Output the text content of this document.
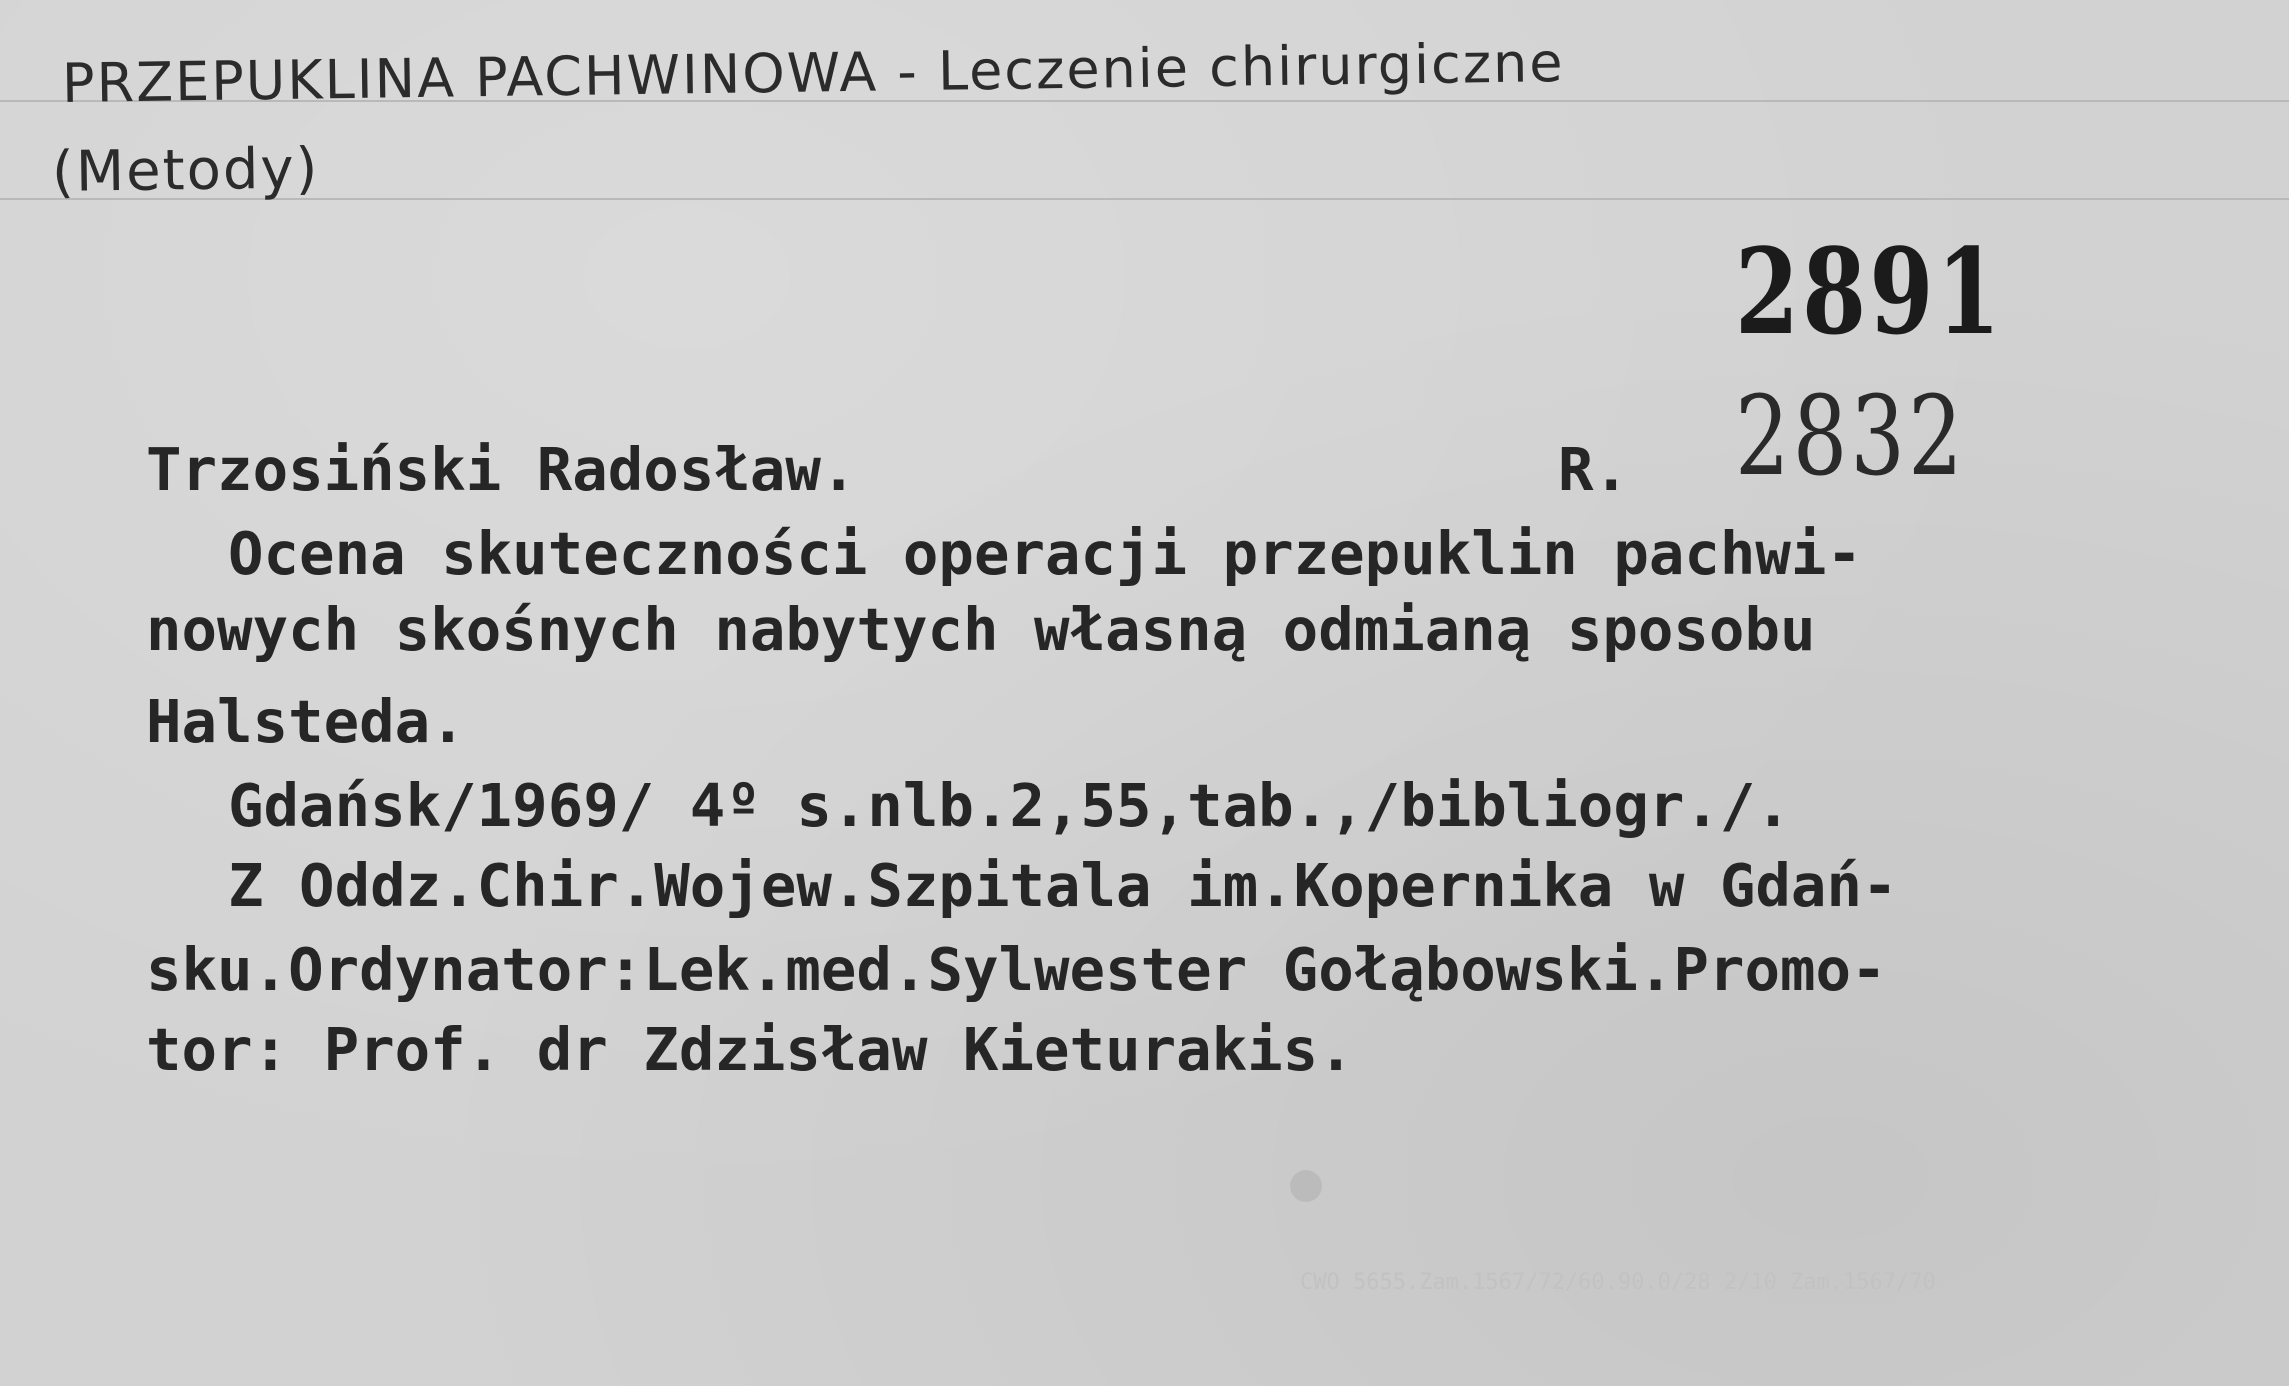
PRZEPUKLINA PACHWINOWA - Leczenie chirurgiczne
(Metody)
2891
2832
Trzosiński Radosław.	R.
Ocena skuteczności operacji przepuklin pachwi-
nowych skośnych nabytych własną odmianą sposobu
Halsteda.
Gdańsk/1969/ 4º s.nlb.2,55,tab.,/bibliogr./.
Z Oddz.Chir.Wojew.Szpitala im.Kopernika w Gdań-
sku.Ordynator:Lek.med.Sylwester Gołąbowski.Promo-
tor: Prof. dr Zdzisław Kieturakis.
CWO 5655.Zam.1567/72/60.90.0/28 2/10 Zam.1567/70
